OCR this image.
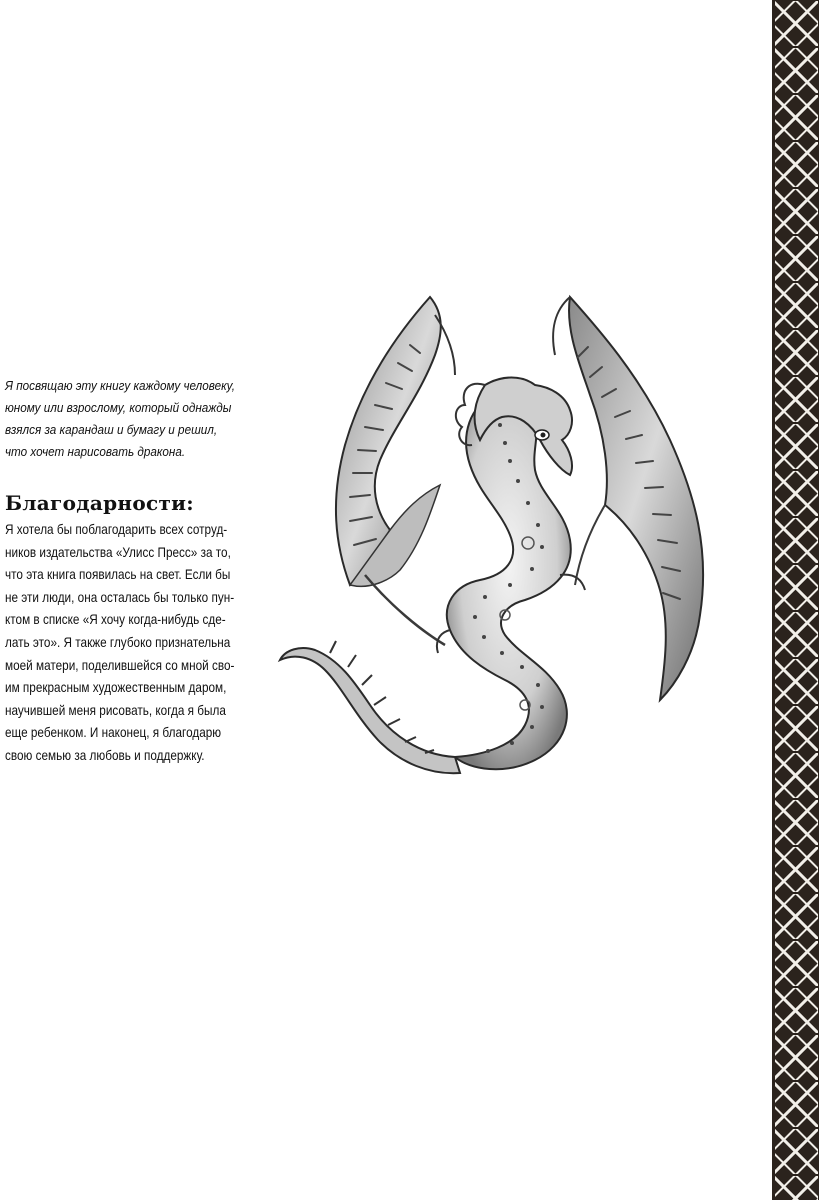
Я посвящаю эту книгу каждому человеку,
юному или взрослому, который однажды
взялся за карандаш и бумагу и решил,
что хочет нарисовать дракона.
Благодарности:
Я хотела бы поблагодарить всех сотруд-
ников издательства «Улисс Пресс» за то,
что эта книга появилась на свет. Если бы
не эти люди, она осталась бы только пун-
ктом в списке «Я хочу когда-нибудь сде-
лать это». Я также глубоко признательна
моей матери, поделившейся со мной сво-
им прекрасным художественным даром,
научившей меня рисовать, когда я была
еще ребенком. И наконец, я благодарю
свою семью за любовь и поддержку.
